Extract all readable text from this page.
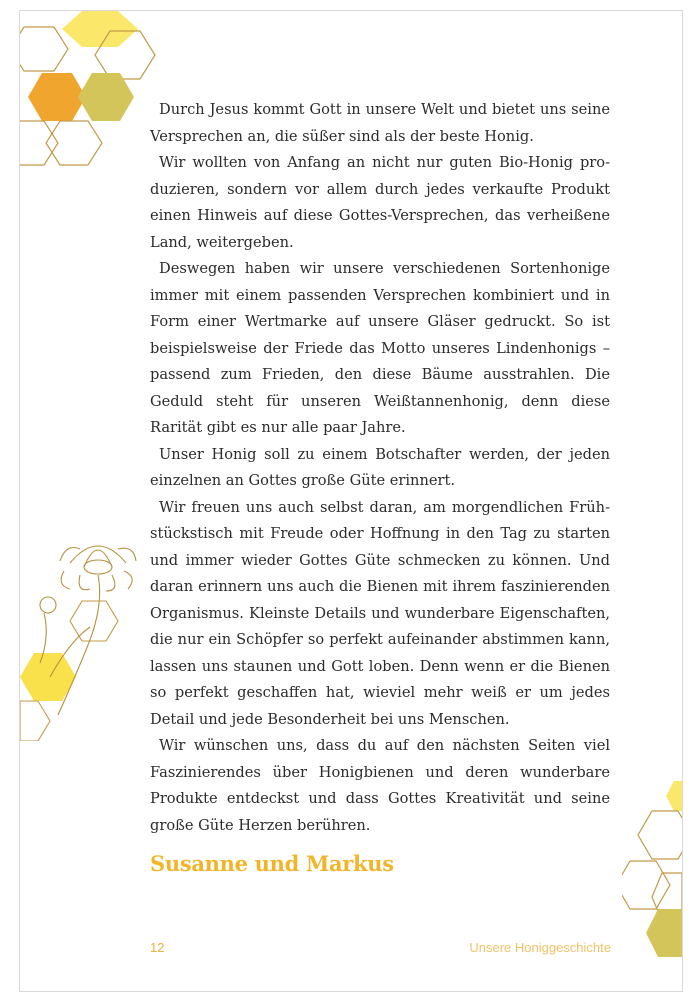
Durch Jesus kommt Gott in unsere Welt und bietet uns seine Versprechen an, die süßer sind als der beste Honig.

Wir wollten von Anfang an nicht nur guten Bio-Honig produzieren, sondern vor allem durch jedes verkaufte Produkt einen Hinweis auf diese Gottes-Versprechen, das verheißene Land, weitergeben.

Deswegen haben wir unsere verschiedenen Sortenhonige immer mit einem passenden Versprechen kombiniert und in Form einer Wertmarke auf unsere Gläser gedruckt. So ist beispielsweise der Friede das Motto unseres Lindenhonigs – passend zum Frieden, den diese Bäume ausstrahlen. Die Geduld steht für unseren Weißtannenhonig, denn diese Rarität gibt es nur alle paar Jahre.

Unser Honig soll zu einem Botschafter werden, der jeden einzelnen an Gottes große Güte erinnert.

Wir freuen uns auch selbst daran, am morgendlichen Frühstückstisch mit Freude oder Hoffnung in den Tag zu starten und immer wieder Gottes Güte schmecken zu können. Und daran erinnern uns auch die Bienen mit ihrem faszinierenden Organismus. Kleinste Details und wunderbare Eigenschaften, die nur ein Schöpfer so perfekt aufeinander abstimmen kann, lassen uns staunen und Gott loben. Denn wenn er die Bienen so perfekt geschaffen hat, wieviel mehr weiß er um jedes Detail und jede Besonderheit bei uns Menschen.

Wir wünschen uns, dass du auf den nächsten Seiten viel Faszinierendes über Honigbienen und deren wunderbare Produkte entdeckst und dass Gottes Kreativität und seine große Güte Herzen berühren.

Susanne und Markus
12	Unsere Honiggeschichte
